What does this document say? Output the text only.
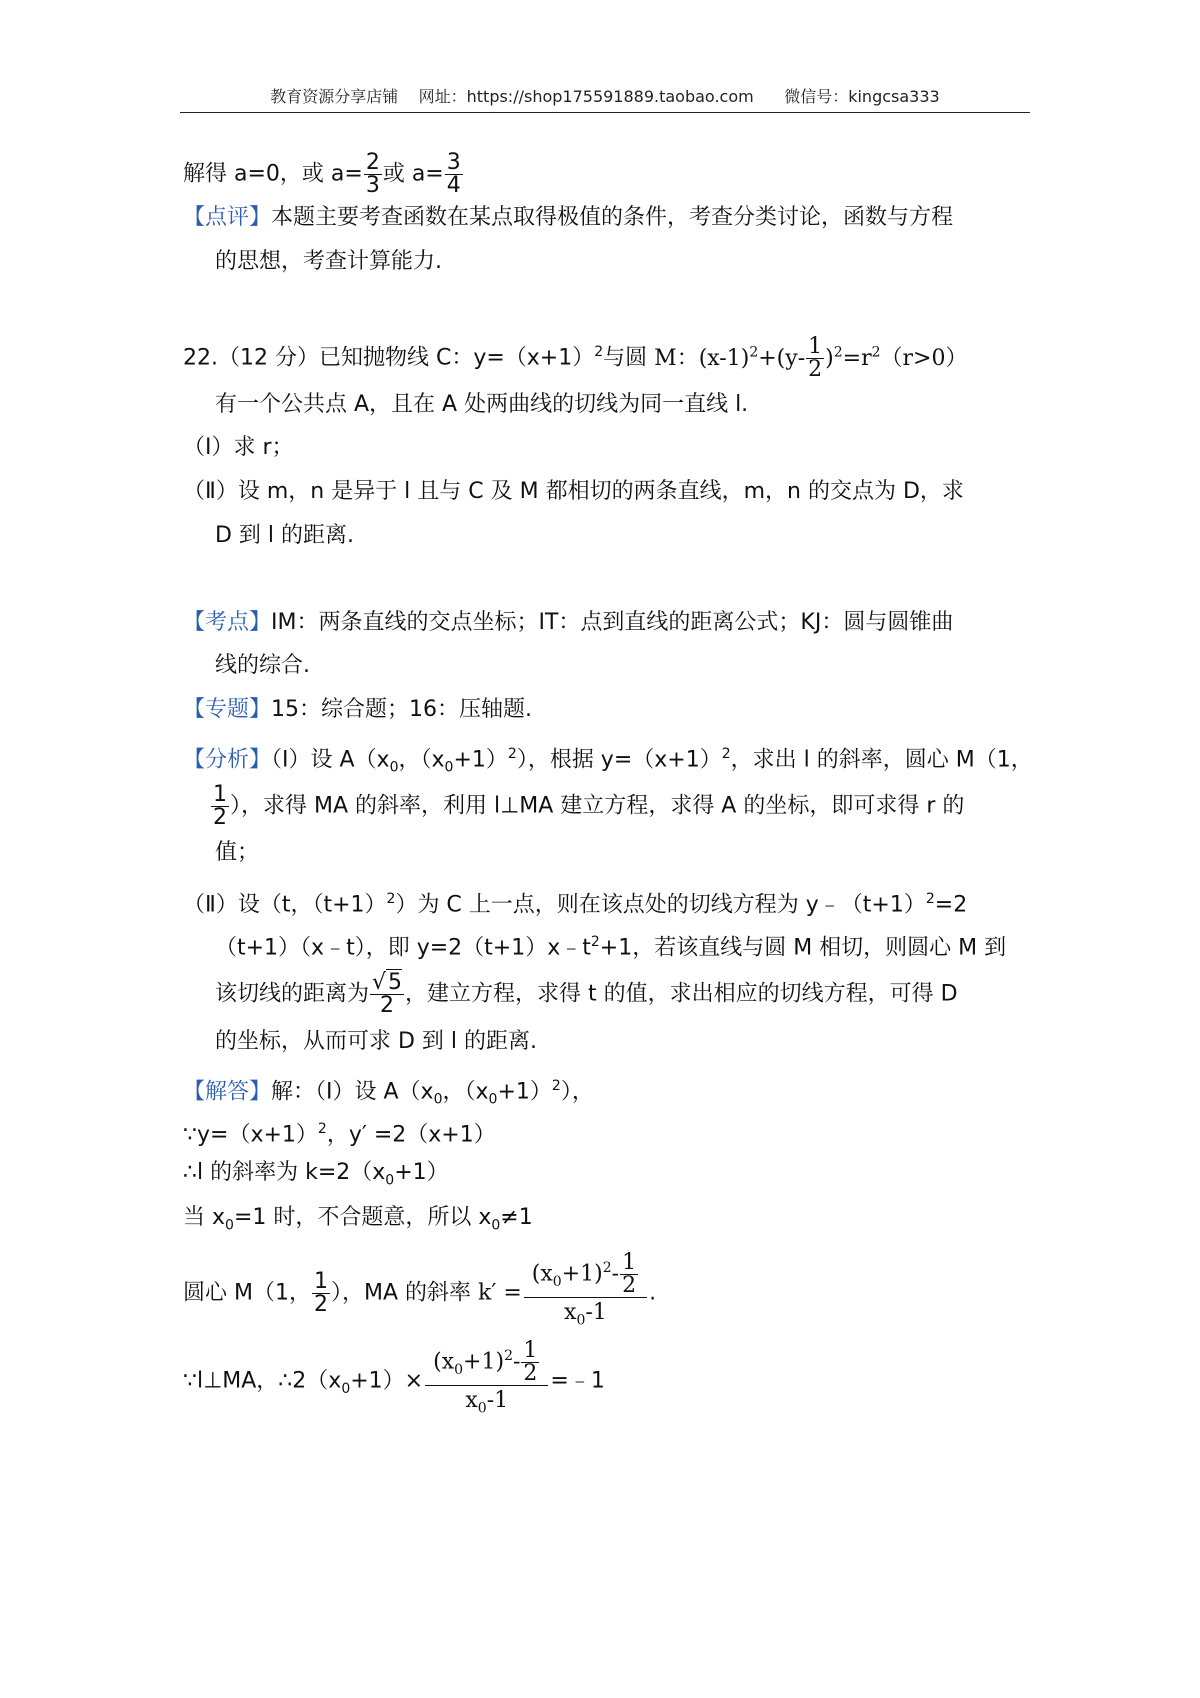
教育资源分享店铺    网址：https://shop175591889.taobao.com      微信号：kingcsa333
解得 a=0，或 $a= \frac{2}{3}$ 或 $a= \frac{3}{4}$
【点评】本题主要考查函数在某点取得极值的条件，考查分类讨论，函数与方程
的思想，考查计算能力.
22.（12 分）已知抛物线 C：$y=(x+1)^2$与圆 M：$(x-1)^2+(y- \frac{1}{2} )^2=r^2(r>0)$
有一个公共点 A，且在 A 处两曲线的切线为同一直线 l.
（Ⅰ）求 r；
（Ⅱ）设 m，n 是异于 l 且与 C 及 M 都相切的两条直线，m，n 的交点为 D，求
D 到 l 的距离.
【考点】IM：两条直线的交点坐标；IT：点到直线的距离公式；KJ：圆与圆锥曲
线的综合.
【专题】15：综合题；16：压轴题.
【分析】（Ⅰ）设 $A(x_0$，$(x_0+1)^2$），根据 $y=(x+1)^2$，求出 l 的斜率，圆心 M（1，
$\frac{1}{2}$ ），求得 MA 的斜率，利用 l⊥MA 建立方程，求得 A 的坐标，即可求得 r 的
值；
（Ⅱ）设（t，$(t+1)^2$）为 C 上一点，则在该点处的切线方程为 $y﹣(t+1)^2=2$
（t+1）（x﹣t），即 $y=2(t+1)x﹣t^2+1$，若该直线与圆 M 相切，则圆心 M 到
该切线的距离为 $\frac{√5}{2}$ ，建立方程，求得 t 的值，求出相应的切线方程，可得 D
的坐标，从而可求 D 到 l 的距离.
【解答】解：（Ⅰ）设 $A(x_0$，$(x_0+1)^2$），
$\because y=(x+1)^2$，y′ =2（x+1）
∴l 的斜率为 $k=2(x_0+1)$
当 $x_0=1$ 时，不合题意，所以 $x_0\ne 1$
圆心 M（1， $\frac{1}{2}$ ），MA 的斜率 $k' = \frac{(x_0+1)^2- \frac{1}{2}}{x_0-1}$ .
∵l⊥MA，$\therefore 2(x_0+1)\times \frac{(x_0+1)^2- \frac{1}{2}}{x_0-1}$ =﹣1
